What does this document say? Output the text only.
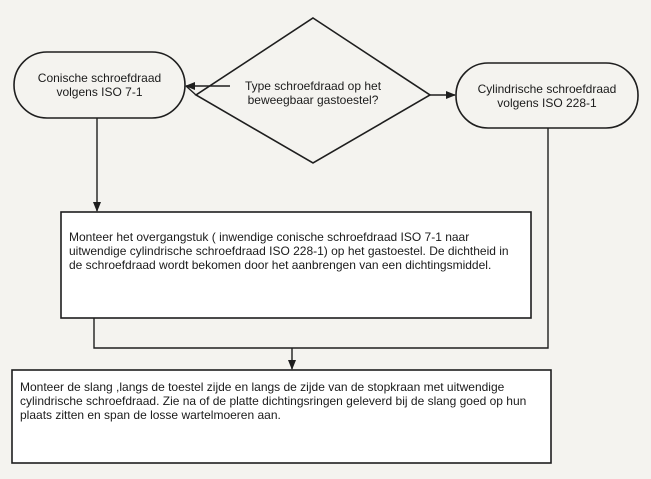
Type schroefdraad op het beweegbaar gastoestel?
Conische schroefdraad volgens ISO 7-1	Cylindrische schroefdraad volgens ISO 228-1
Monteer het overgangstuk ( inwendige conische schroefdraad ISO 7-1 naar uitwendige cylindrische schroefdraad ISO 228-1) op het gastoestel. De dichtheid in de schroefdraad wordt bekomen door het aanbrengen van een dichtingsmiddel.
Monteer de slang ,langs de toestel zijde en langs de zijde van de stopkraan met uitwendige cylindrische schroefdraad. Zie na of de platte dichtingsringen geleverd bij de slang goed op hun plaats zitten en span de losse wartelmoeren aan.
